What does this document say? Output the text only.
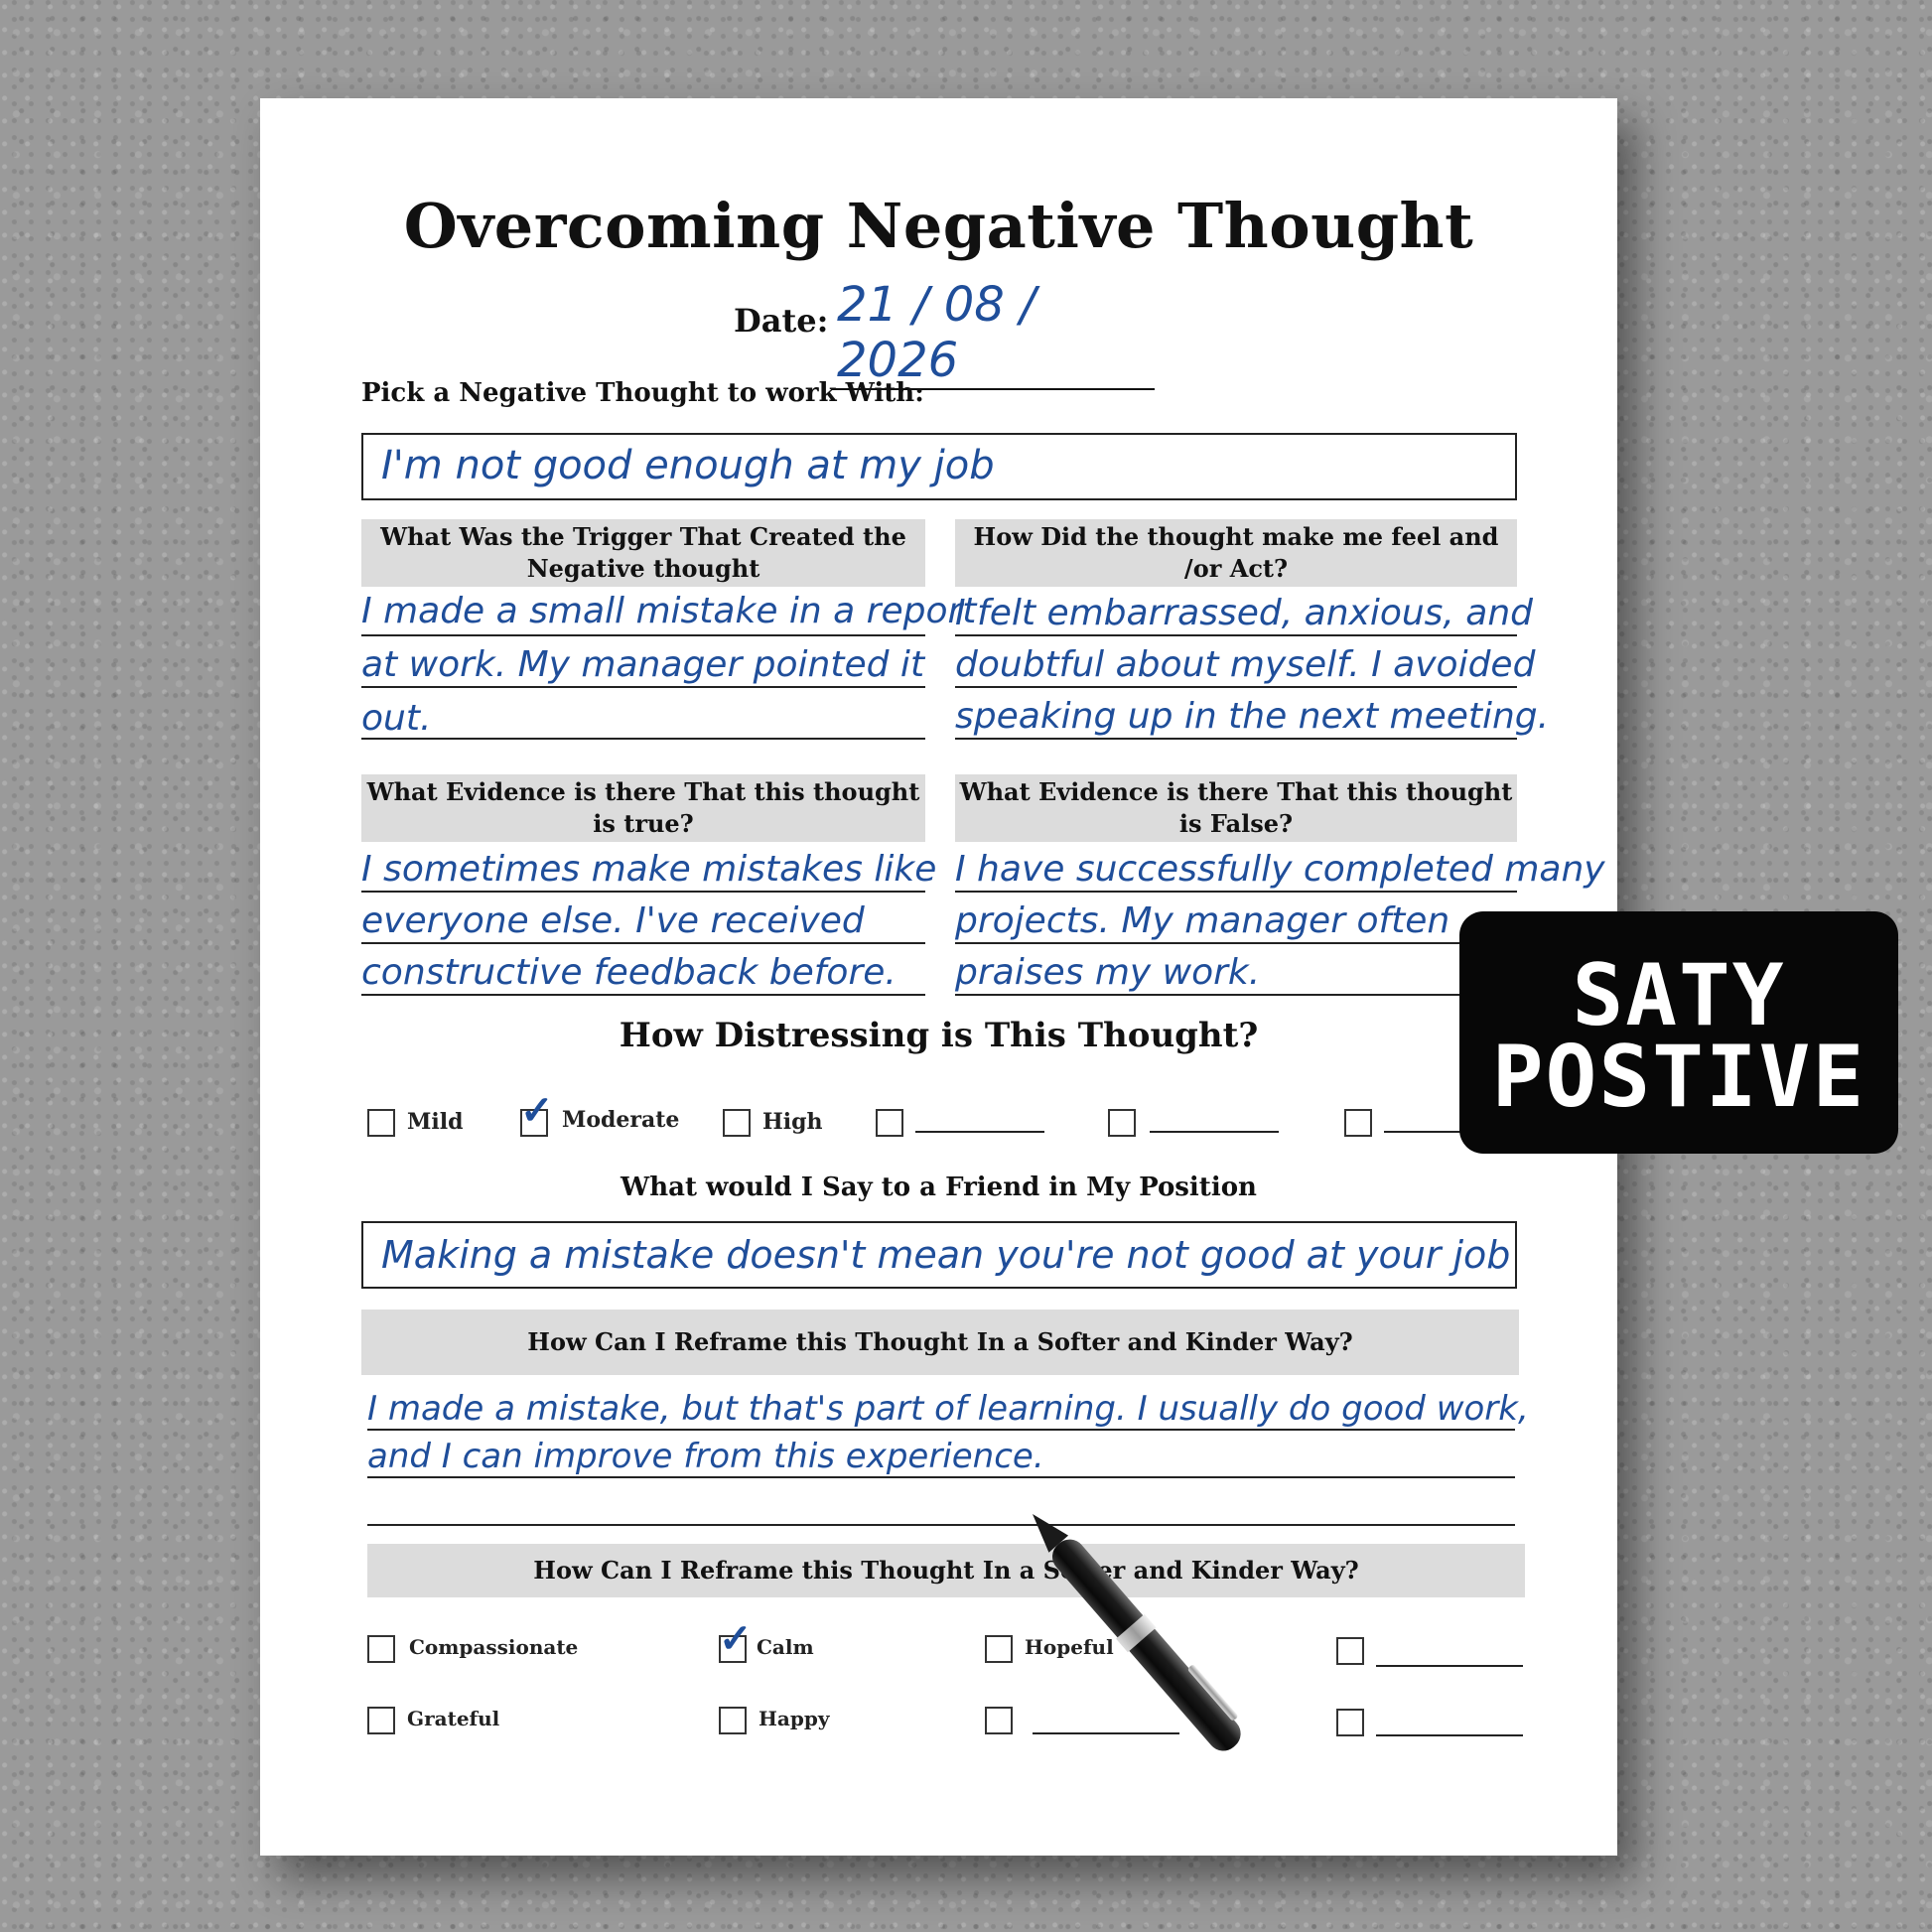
Overcoming Negative Thought
Date: 21 / 08 / 2026
Pick a Negative Thought to work With:
I'm not good enough at my job
What Was the Trigger That Created the
Negative thought
I made a small mistake in a report
at work. My manager pointed it
out.
How Did the thought make me feel and
/or Act?
I felt embarrassed, anxious, and
doubtful about myself. I avoided
speaking up in the next meeting.
What Evidence is there That this thought
is true?
I sometimes make mistakes like
everyone else. I've received
constructive feedback before.
What Evidence is there That this thought
is False?
I have successfully completed many
projects. My manager often
praises my work.
How Distressing is This Thought?
Mild ✓ Moderate	High
What would I Say to a Friend in My Position
Making a mistake doesn't mean you're not good at your job
How Can I Reframe this Thought In a Softer and Kinder Way?
I made a mistake, but that's part of learning. I usually do good work,
and I can improve from this experience.
How Can I Reframe this Thought In a Softer and Kinder Way?
Compassionate	✓ Calm	Hopeful
Grateful	Happy
SATY
POSTIVE
